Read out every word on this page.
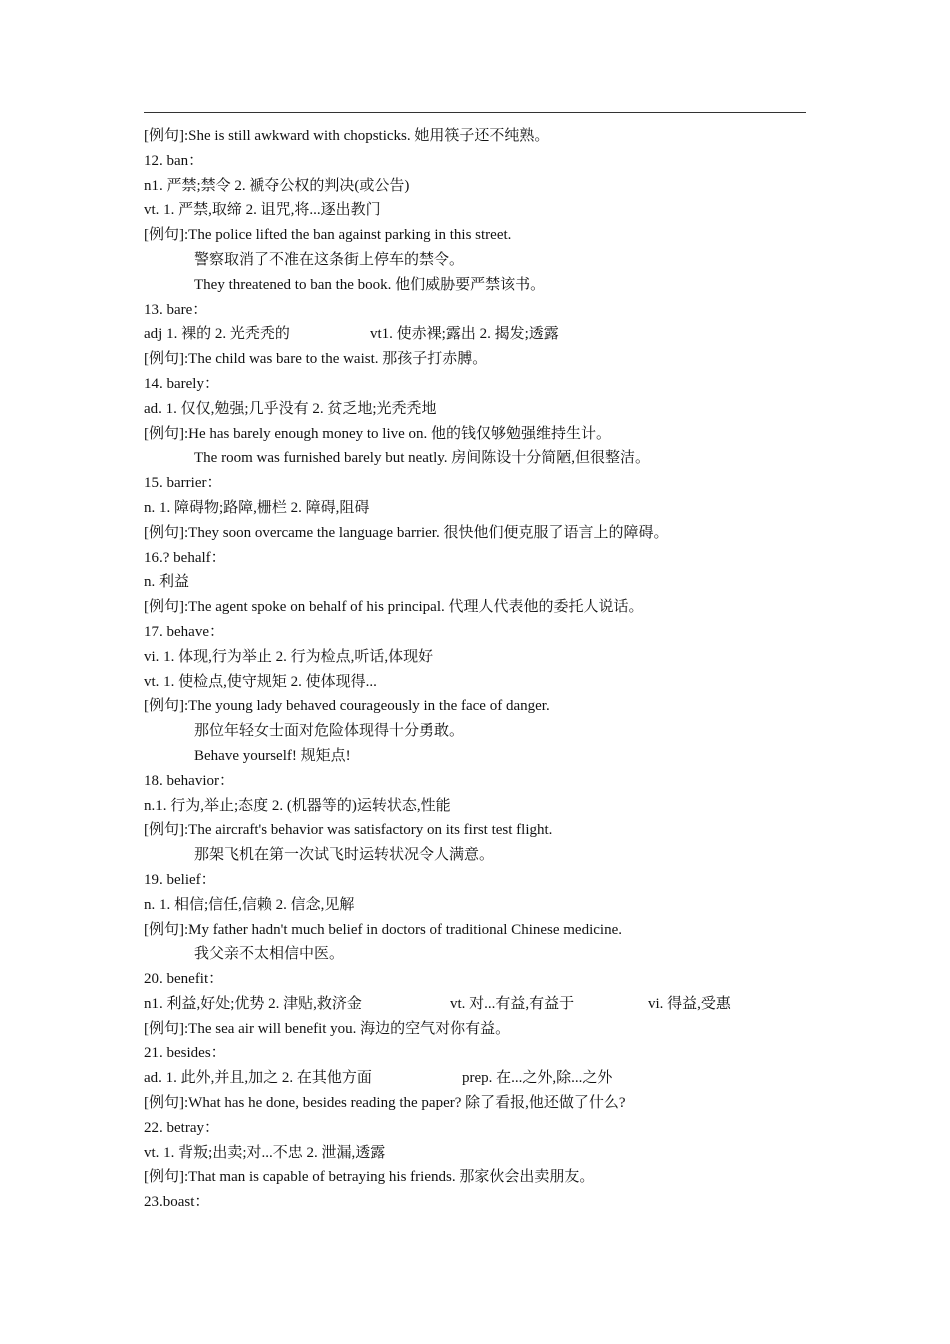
[例句]:She is still awkward with chopsticks. 她用筷子还不纯熟。
12. ban：
n1. 严禁;禁令 2. 褫夺公权的判决(或公告)
vt. 1. 严禁,取缔 2. 诅咒,将...逐出教门
[例句]:The police lifted the ban against parking in this street.
警察取消了不准在这条街上停车的禁令。
They threatened to ban the book. 他们威胁要严禁该书。
13. bare：
adj 1. 裸的 2. 光秃秃的	vt1. 使赤裸;露出 2. 揭发;透露
[例句]:The child was bare to the waist. 那孩子打赤膊。
14. barely：
ad. 1. 仅仅,勉强;几乎没有 2. 贫乏地;光秃秃地
[例句]:He has barely enough money to live on. 他的钱仅够勉强维持生计。
The room was furnished barely but neatly. 房间陈设十分简陋,但很整洁。
15. barrier：
n. 1. 障碍物;路障,栅栏 2. 障碍,阻碍
[例句]:They soon overcame the language barrier. 很快他们便克服了语言上的障碍。
16.? behalf：
n. 利益
[例句]:The agent spoke on behalf of his principal. 代理人代表他的委托人说话。
17. behave：
vi. 1. 体现,行为举止 2. 行为检点,听话,体现好
vt. 1. 使检点,使守规矩 2. 使体现得...
[例句]:The young lady behaved courageously in the face of danger.
那位年轻女士面对危险体现得十分勇敢。
Behave yourself! 规矩点!
18. behavior：
n.1. 行为,举止;态度 2. (机器等的)运转状态,性能
[例句]:The aircraft's behavior was satisfactory on its first test flight.
那架飞机在第一次试飞时运转状况令人满意。
19. belief：
n. 1. 相信;信任,信赖 2. 信念,见解
[例句]:My father hadn't much belief in doctors of traditional Chinese medicine.
我父亲不太相信中医。
20. benefit：
n1. 利益,好处;优势 2. 津贴,救济金	vt. 对...有益,有益于	vi. 得益,受惠
[例句]:The sea air will benefit you. 海边的空气对你有益。
21. besides：
ad. 1. 此外,并且,加之 2. 在其他方面	prep. 在...之外,除...之外
[例句]:What has he done, besides reading the paper? 除了看报,他还做了什么?
22. betray：
vt. 1. 背叛;出卖;对...不忠 2. 泄漏,透露
[例句]:That man is capable of betraying his friends. 那家伙会出卖朋友。
23.boast：
